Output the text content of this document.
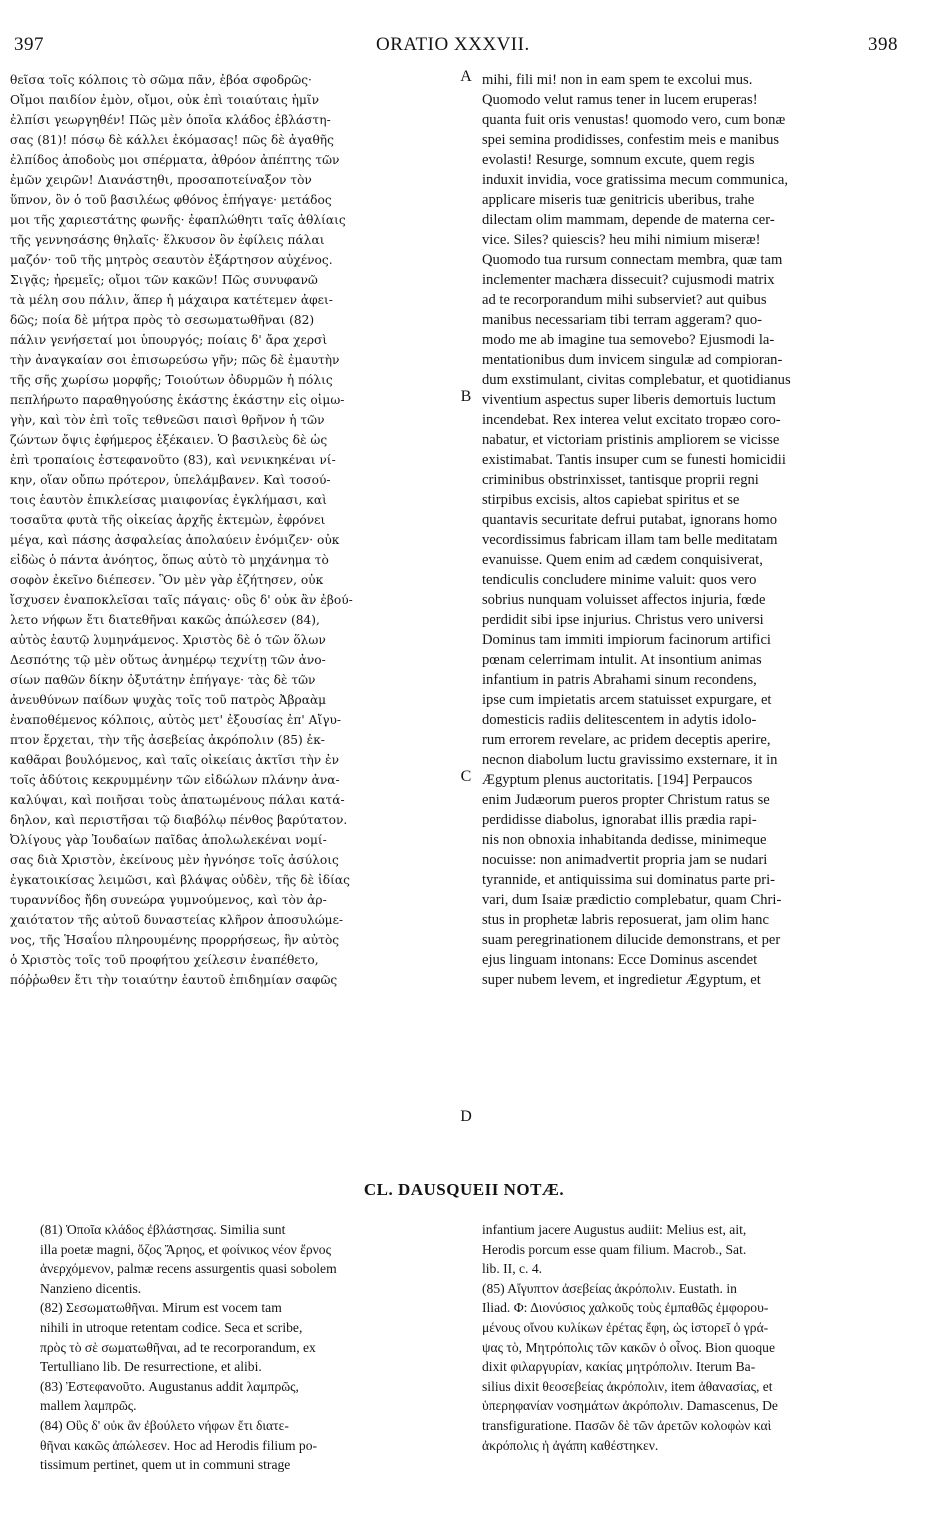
397	ORATIO XXXVII.	398
θεῖσα τοῖς κόλποις τὸ σῶμα πᾶν, ἐβόα σφοδρῶς·
Οἴμοι παιδίον ἐμὸν, οἴμοι, οὐκ ἐπὶ τοιαύταις ἡμῖν
ἐλπίσι γεωργηθέν! Πῶς μὲν ὁποῖα κλάδος ἐβλάστη-
σας (81)! πόσῳ δὲ κάλλει ἐκόμασας! πῶς δὲ ἀγαθῆς
ἐλπίδος ἀποδοὺς μοι σπέρματα, ἀθρόον ἀπέπτης τῶν
ἐμῶν χειρῶν! Διανάστηθι, προσαποτείναξον τὸν
ὕπνον, ὃν ὁ τοῦ βασιλέως φθόνος ἐπήγαγε· μετάδος
μοι τῆς χαριεστάτης φωνῆς· ἐφαπλώθητι ταῖς ἀθλίαις
τῆς γεννησάσης θηλαῖς· ἕλκυσον ὃν ἐφίλεις πάλαι
μαζόν· τοῦ τῆς μητρὸς σεαυτὸν ἐξάρτησον αὐχένος.
Σιγᾷς; ἠρεμεῖς; οἴμοι τῶν κακῶν! Πῶς συνυφανῶ
τὰ μέλη σου πάλιν, ἅπερ ἡ μάχαιρα κατέτεμεν ἀφει-
δῶς; ποία δὲ μήτρα πρὸς τὸ σεσωματωθῆναι (82)
πάλιν γενήσεταί μοι ὑπουργός; ποίαις δ' ἄρα χερσὶ
τὴν ἀναγκαίαν σοι ἐπισωρεύσω γῆν; πῶς δὲ ἐμαυτὴν
τῆς σῆς χωρίσω μορφῆς; Τοιούτων ὀδυρμῶν ἡ πόλις
πεπλήρωτο παραθηγούσης ἑκάστης ἑκάστην εἰς οἰμω-
γὴν, καὶ τὸν ἐπὶ τοῖς τεθνεῶσι παισὶ θρῆνον ἡ τῶν
ζώντων ὄψις ἐφήμερος ἐξέκαιεν. Ὁ βασιλεὺς δὲ ὡς
ἐπὶ τροπαίοις ἐστεφανοῦτο (83), καὶ νενικηκέναι νί-
κην, οἵαν οὔπω πρότερον, ὑπελάμβανεν. Καὶ τοσού-
τοις ἑαυτὸν ἐπικλείσας μιαιφονίας ἐγκλήμασι, καὶ
τοσαῦτα φυτὰ τῆς οἰκείας ἀρχῆς ἐκτεμὼν, ἐφρόνει
μέγα, καὶ πάσης ἀσφαλείας ἀπολαύειν ἐνόμιζεν· οὐκ
εἰδὼς ὁ πάντα ἀνόητος, ὅπως αὐτὸ τὸ μηχάνημα τὸ
σοφὸν ἐκεῖνο διέπεσεν. Ὃν μὲν γὰρ ἐζήτησεν, οὐκ
ἴσχυσεν ἐναποκλεῖσαι ταῖς πάγαις· οὓς δ' οὐκ ἂν ἐβού-
λετο νήφων ἔτι διατεθῆναι κακῶς ἀπώλεσεν (84),
αὐτὸς ἑαυτῷ λυμηνάμενος. Χριστὸς δὲ ὁ τῶν ὅλων
Δεσπότης τῷ μὲν οὕτως ἀνημέρῳ τεχνίτῃ τῶν ἀνο-
σίων παθῶν δίκην ὀξυτάτην ἐπήγαγε· τὰς δὲ τῶν
ἀνευθύνων παίδων ψυχὰς τοῖς τοῦ πατρὸς Ἀβραὰμ
ἐναποθέμενος κόλποις, αὐτὸς μετ' ἐξουσίας ἐπ' Αἴγυ-
πτον ἔρχεται, τὴν τῆς ἀσεβείας ἀκρόπολιν (85) ἐκ-
καθᾶραι βουλόμενος, καὶ ταῖς οἰκείαις ἀκτῖσι τὴν ἐν
τοῖς ἀδύτοις κεκρυμμένην τῶν εἰδώλων πλάνην ἀνα-
καλύψαι, καὶ ποιῆσαι τοὺς ἀπατωμένους πάλαι κατά-
δηλον, καὶ περιστῆσαι τῷ διαβόλῳ πένθος βαρύτατον.
Ὀλίγους γὰρ Ἰουδαίων παῖδας ἀπολωλεκέναι νομί-
σας διὰ Χριστὸν, ἐκείνους μὲν ἠγνόησε τοῖς ἀσύλοις
ἐγκατοικίσας λειμῶσι, καὶ βλάψας οὐδὲν, τῆς δὲ ἰδίας
τυραννίδος ἤδη συνεώρα γυμνούμενος, καὶ τὸν ἀρ-
χαιότατον τῆς αὐτοῦ δυναστείας κλῆρον ἀποσυλώμε-
νος, τῆς Ἡσαΐου πληρουμένης προρρήσεως, ἣν αὐτὸς
ὁ Χριστὸς τοῖς τοῦ προφήτου χείλεσιν ἐναπέθετο,
πόῤῥωθεν ἔτι τὴν τοιαύτην ἑαυτοῦ ἐπιδημίαν σαφῶς
mihi, fili mi! non in eam spem te excolui mus.
Quomodo velut ramus tener in lucem eruperas!
quanta fuit oris venustas! quomodo vero, cum bonæ
spei semina prodidisses, confestim meis e manibus
evolasti! Resurge, somnum excute, quem regis
induxit invidia, voce gratissima mecum communica,
applicare miseris tuæ genitricis uberibus, trahe
dilectam olim mammam, depende de materna cer-
vice. Siles? quiescis? heu mihi nimium miseræ!
Quomodo tua rursum connectam membra, quæ tam
inclementer machæra dissecuit? cujusmodi matrix
ad te recorporandum mihi subserviet? aut quibus
manibus necessariam tibi terram aggeram? quo-
modo me ab imagine tua semovebo? Ejusmodi la-
mentationibus dum invicem singulæ ad compioran-
dum exstimulant, civitas complebatur, et quotidianus
viventium aspectus super liberis demortuis luctum
incendebat. Rex interea velut excitato tropæo coro-
nabatur, et victoriam pristinis ampliorem se vicisse
existimabat. Tantis insuper cum se funesti homicidii
criminibus obstrinxisset, tantisque proprii regni
stirpibus excisis, altos capiebat spiritus et se
quantavis securitate defrui putabat, ignorans homo
vecordissimus fabricam illam tam belle meditatam
evanuisse. Quem enim ad cædem conquisiverat,
tendiculis concludere minime valuit: quos vero
sobrius nunquam voluisset affectos injuria, fœde
perdidit sibi ipse injurius. Christus vero universi
Dominus tam immiti impiorum facinorum artifici
pœnam celerrimam intulit. At insontium animas
infantium in patris Abrahami sinum recondens,
ipse cum impietatis arcem statuisset expurgare, et
domesticis radiis delitescentem in adytis idolo-
rum errorem revelare, ac pridem deceptis aperire,
necnon diabolum luctu gravissimo exsternare, it in
Ægyptum plenus auctoritatis. [194] Perpaucos
enim Judæorum pueros propter Christum ratus se
perdidisse diabolus, ignorabat illis prædia rapi-
nis non obnoxia inhabitanda dedisse, minimeque
nocuisse: non animadvertit propria jam se nudari
tyrannide, et antiquissima sui dominatus parte pri-
vari, dum Isaiæ prædictio complebatur, quam Chri-
stus in prophetæ labris reposuerat, jam olim hanc
suam peregrinationem dilucide demonstrans, et per
ejus linguam intonans: Ecce Dominus ascendet
super nubem levem, et ingredietur Ægyptum, et
A
B
C
D
CL. DAUSQUEII NOTÆ.
(81) Ὁποῖα κλάδος ἐβλάστησας. Similia sunt
illa poetæ magni, ὄζος Ἄρηος, et φοίνικος νέον ἔρνος
ἀνερχόμενον, palmæ recens assurgentis quasi sobolem
Nanzieno dicentis.
(82) Σεσωματωθῆναι. Mirum est vocem tam
nihili in utroque retentam codice. Seca et scribe,
πρὸς τὸ σὲ σωματωθῆναι, ad te recorporandum, ex
Tertulliano lib. De resurrectione, et alibi.
(83) Ἐστεφανοῦτο. Augustanus addit λαμπρῶς,
mallem λαμπρῶς.
(84) Οὓς δ' οὐκ ἂν ἐβούλετο νήφων ἔτι διατε-
θῆναι κακῶς ἀπώλεσεν. Hoc ad Herodis filium po-
tissimum pertinet, quem ut in communi strage
infantium jacere Augustus audiit: Melius est, ait,
Herodis porcum esse quam filium. Macrob., Sat.
lib. II, c. 4.
(85) Αἴγυπτον ἀσεβείας ἀκρόπολιν. Eustath. in
Iliad. Φ: Διονύσιος χαλκοῦς τοὺς ἐμπαθῶς ἐμφορου-
μένους οἴνου κυλίκων ἐρέτας ἔφη, ὡς ἱστορεῖ ὁ γρά-
ψας τὸ, Μητρόπολις τῶν κακῶν ὁ οἶνος. Bion quoque
dixit φιλαργυρίαν, κακίας μητρόπολιν. Iterum Ba-
silius dixit θεοσεβείας ἀκρόπολιν, item ἀθανασίας, et
ὑπερηφανίαν νοσημάτων ἀκρόπολιν. Damascenus, De
transfiguratione. Πασῶν δὲ τῶν ἀρετῶν κολοφὼν καὶ
ἀκρόπολις ἡ ἀγάπη καθέστηκεν.
